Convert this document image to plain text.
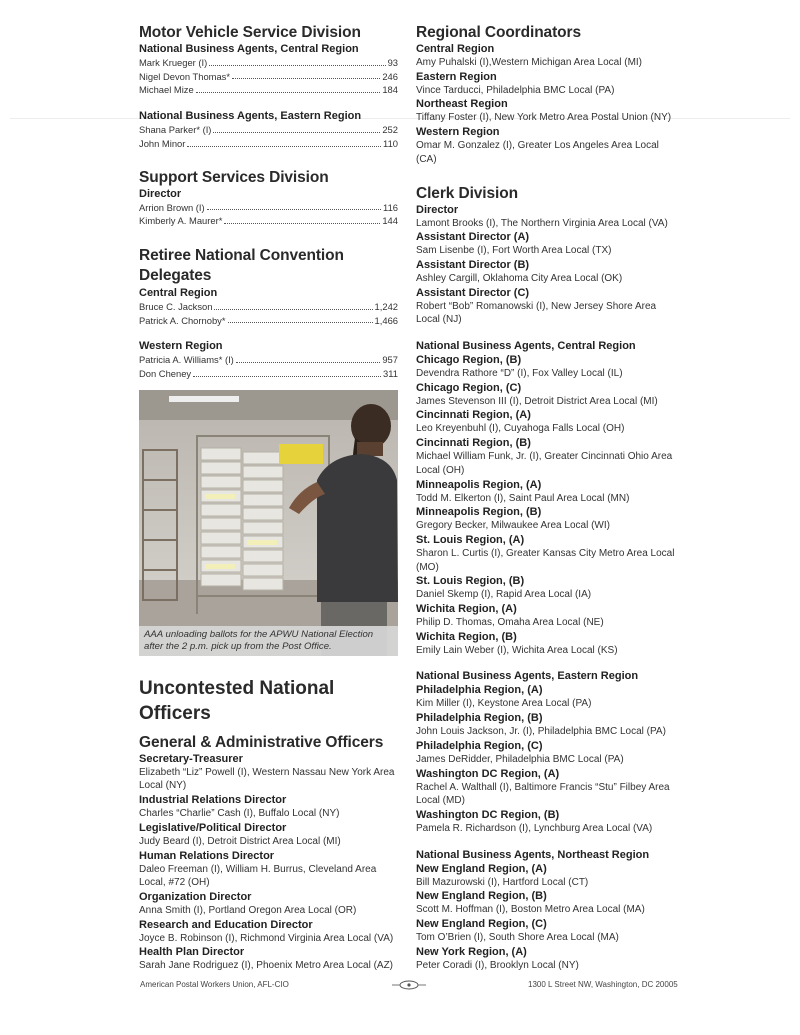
Motor Vehicle Service Division
National Business Agents, Central Region
Mark Krueger (I)	93
Nigel Devon Thomas*	246
Michael Mize	184
National Business Agents, Eastern Region
Shana Parker* (I)	252
John Minor	110
Support Services Division
Director
Arrion Brown (I)	116
Kimberly A. Maurer*	144
Retiree National Convention
Delegates
Central Region
Bruce C. Jackson	1,242
Patrick A. Chornoby*	1,466
Western Region
Patricia A. Williams* (I)	957
Don Cheney	311
AAA unloading ballots for the APWU National Election
after the 2 p.m. pick up from the Post Office.
Uncontested National
Officers
General & Administrative Officers
Secretary-Treasurer
Elizabeth “Liz” Powell (I), Western Nassau New York Area Local (NY)
Industrial Relations Director
Charles “Charlie” Cash (I), Buffalo Local (NY)
Legislative/Political Director
Judy Beard (I), Detroit District Area Local (MI)
Human Relations Director
Daleo Freeman (I), William H. Burrus, Cleveland Area Local, #72 (OH)
Organization Director
Anna Smith (I), Portland Oregon Area Local (OR)
Research and Education Director
Joyce B. Robinson (I), Richmond Virginia Area Local (VA)
Health Plan Director
Sarah Jane Rodriguez (I), Phoenix Metro Area Local (AZ)
Regional Coordinators
Central Region
Amy Puhalski (I),Western Michigan Area Local (MI)
Eastern Region
Vince Tarducci, Philadelphia BMC Local (PA)
Northeast Region
Tiffany Foster (I), New York Metro Area Postal Union (NY)
Western Region
Omar M. Gonzalez (I), Greater Los Angeles Area Local (CA)
Clerk Division
Director
Lamont Brooks (I), The Northern Virginia Area Local (VA)
Assistant Director (A)
Sam Lisenbe (I), Fort Worth Area Local (TX)
Assistant Director (B)
Ashley Cargill, Oklahoma City Area Local (OK)
Assistant Director (C)
Robert “Bob” Romanowski (I), New Jersey Shore Area Local (NJ)
National Business Agents, Central Region
Chicago Region, (B)
Devendra Rathore “D” (I), Fox Valley Local (IL)
Chicago Region, (C)
James Stevenson III (I), Detroit District Area Local (MI)
Cincinnati Region, (A)
Leo Kreyenbuhl (I), Cuyahoga Falls Local (OH)
Cincinnati Region, (B)
Michael William Funk, Jr. (I), Greater Cincinnati Ohio Area Local (OH)
Minneapolis Region, (A)
Todd M. Elkerton (I), Saint Paul Area Local (MN)
Minneapolis Region, (B)
Gregory Becker, Milwaukee Area Local (WI)
St. Louis Region, (A)
Sharon L. Curtis (I), Greater Kansas City Metro Area Local (MO)
St. Louis Region, (B)
Daniel Skemp (I), Rapid Area Local (IA)
Wichita Region, (A)
Philip D. Thomas, Omaha Area Local (NE)
Wichita Region, (B)
Emily Lain Weber (I), Wichita Area Local (KS)
National Business Agents, Eastern Region
Philadelphia Region, (A)
Kim Miller (I), Keystone Area Local (PA)
Philadelphia Region, (B)
John Louis Jackson, Jr. (I), Philadelphia BMC Local (PA)
Philadelphia Region, (C)
James DeRidder, Philadelphia BMC Local (PA)
Washington DC Region, (A)
Rachel A. Walthall (I), Baltimore Francis “Stu” Filbey Area Local (MD)
Washington DC Region, (B)
Pamela R. Richardson (I), Lynchburg Area Local (VA)
National Business Agents, Northeast Region
New England Region, (A)
Bill Mazurowski (I), Hartford Local (CT)
New England Region, (B)
Scott M. Hoffman (I), Boston Metro Area Local (MA)
New England Region, (C)
Tom O’Brien (I), South Shore Area Local (MA)
New York Region, (A)
Peter Coradi (I), Brooklyn Local (NY)
American Postal Workers Union, AFL-CIO	1300 L Street NW, Washington, DC 20005
